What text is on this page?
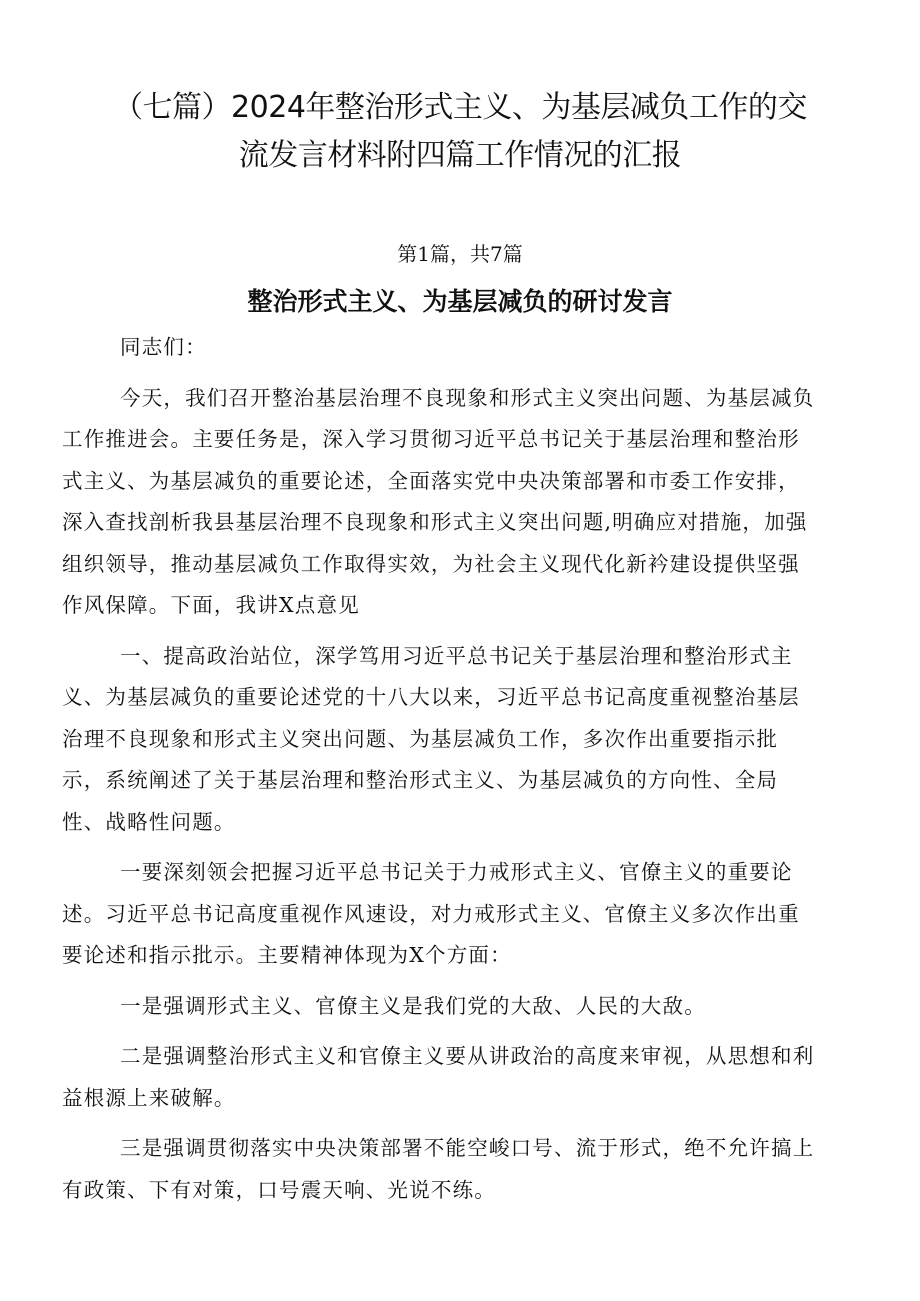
（七篇）2024年整治形式主义、为基层减负工作的交
流发言材料附四篇工作情况的汇报
第1篇，共7篇
整治形式主义、为基层减负的研讨发言

同志们：

今天，我们召开整治基层治理不良现象和形式主义突出问题、为基层减负
工作推进会。主要任务是，深入学习贯彻习近平总书记关于基层治理和整治形
式主义、为基层减负的重要论述，全面落实党中央决策部署和市委工作安排，
深入查找剖析我县基层治理不良现象和形式主义突出问题,明确应对措施，加强
组织领导，推动基层减负工作取得实效，为社会主义现代化新衿建设提供坚强
作风保障。下面，我讲X点意见

一、提高政治站位，深学笃用习近平总书记关于基层治理和整治形式主
义、为基层减负的重要论述党的十八大以来，习近平总书记高度重视整治基层
治理不良现象和形式主义突出问题、为基层减负工作，多次作出重要指示批
示，系统阐述了关于基层治理和整治形式主义、为基层减负的方向性、全局
性、战略性问题。

一要深刻领会把握习近平总书记关于力戒形式主义、官僚主义的重要论
述。习近平总书记高度重视作风速设，对力戒形式主义、官僚主义多次作出重
要论述和指示批示。主要精神体现为X个方面：

一是强调形式主义、官僚主义是我们党的大敌、人民的大敌。

二是强调整治形式主义和官僚主义要从讲政治的高度来审视，从思想和利
益根源上来破解。

三是强调贯彻落实中央决策部署不能空峻口号、流于形式，绝不允许搞上
有政策、下有对策，口号震天响、光说不练。
